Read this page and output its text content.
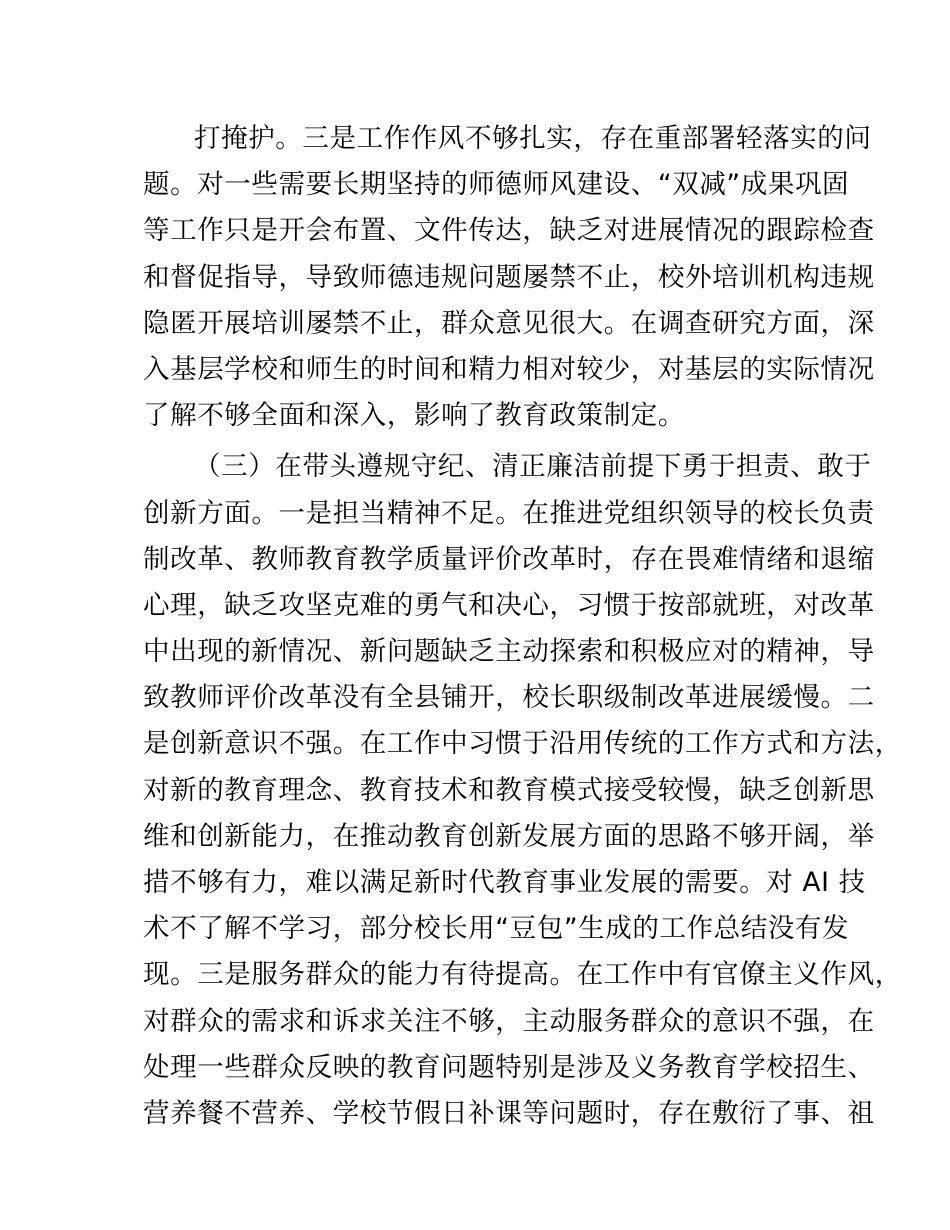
打掩护。三是工作作风不够扎实，存在重部署轻落实的问
题。对一些需要长期坚持的师德师风建设、“双减”成果巩固
等工作只是开会布置、文件传达，缺乏对进展情况的跟踪检查
和督促指导，导致师德违规问题屡禁不止，校外培训机构违规
隐匿开展培训屡禁不止，群众意见很大。在调查研究方面，深
入基层学校和师生的时间和精力相对较少，对基层的实际情况
了解不够全面和深入，影响了教育政策制定。
（三）在带头遵规守纪、清正廉洁前提下勇于担责、敢于
创新方面。一是担当精神不足。在推进党组织领导的校长负责
制改革、教师教育教学质量评价改革时，存在畏难情绪和退缩
心理，缺乏攻坚克难的勇气和决心，习惯于按部就班，对改革
中出现的新情况、新问题缺乏主动探索和积极应对的精神，导
致教师评价改革没有全县铺开，校长职级制改革进展缓慢。二
是创新意识不强。在工作中习惯于沿用传统的工作方式和方法，
对新的教育理念、教育技术和教育模式接受较慢，缺乏创新思
维和创新能力，在推动教育创新发展方面的思路不够开阔，举
措不够有力，难以满足新时代教育事业发展的需要。对 AI 技
术不了解不学习，部分校长用“豆包”生成的工作总结没有发
现。三是服务群众的能力有待提高。在工作中有官僚主义作风，
对群众的需求和诉求关注不够，主动服务群众的意识不强，在
处理一些群众反映的教育问题特别是涉及义务教育学校招生、
营养餐不营养、学校节假日补课等问题时，存在敷衍了事、祖
